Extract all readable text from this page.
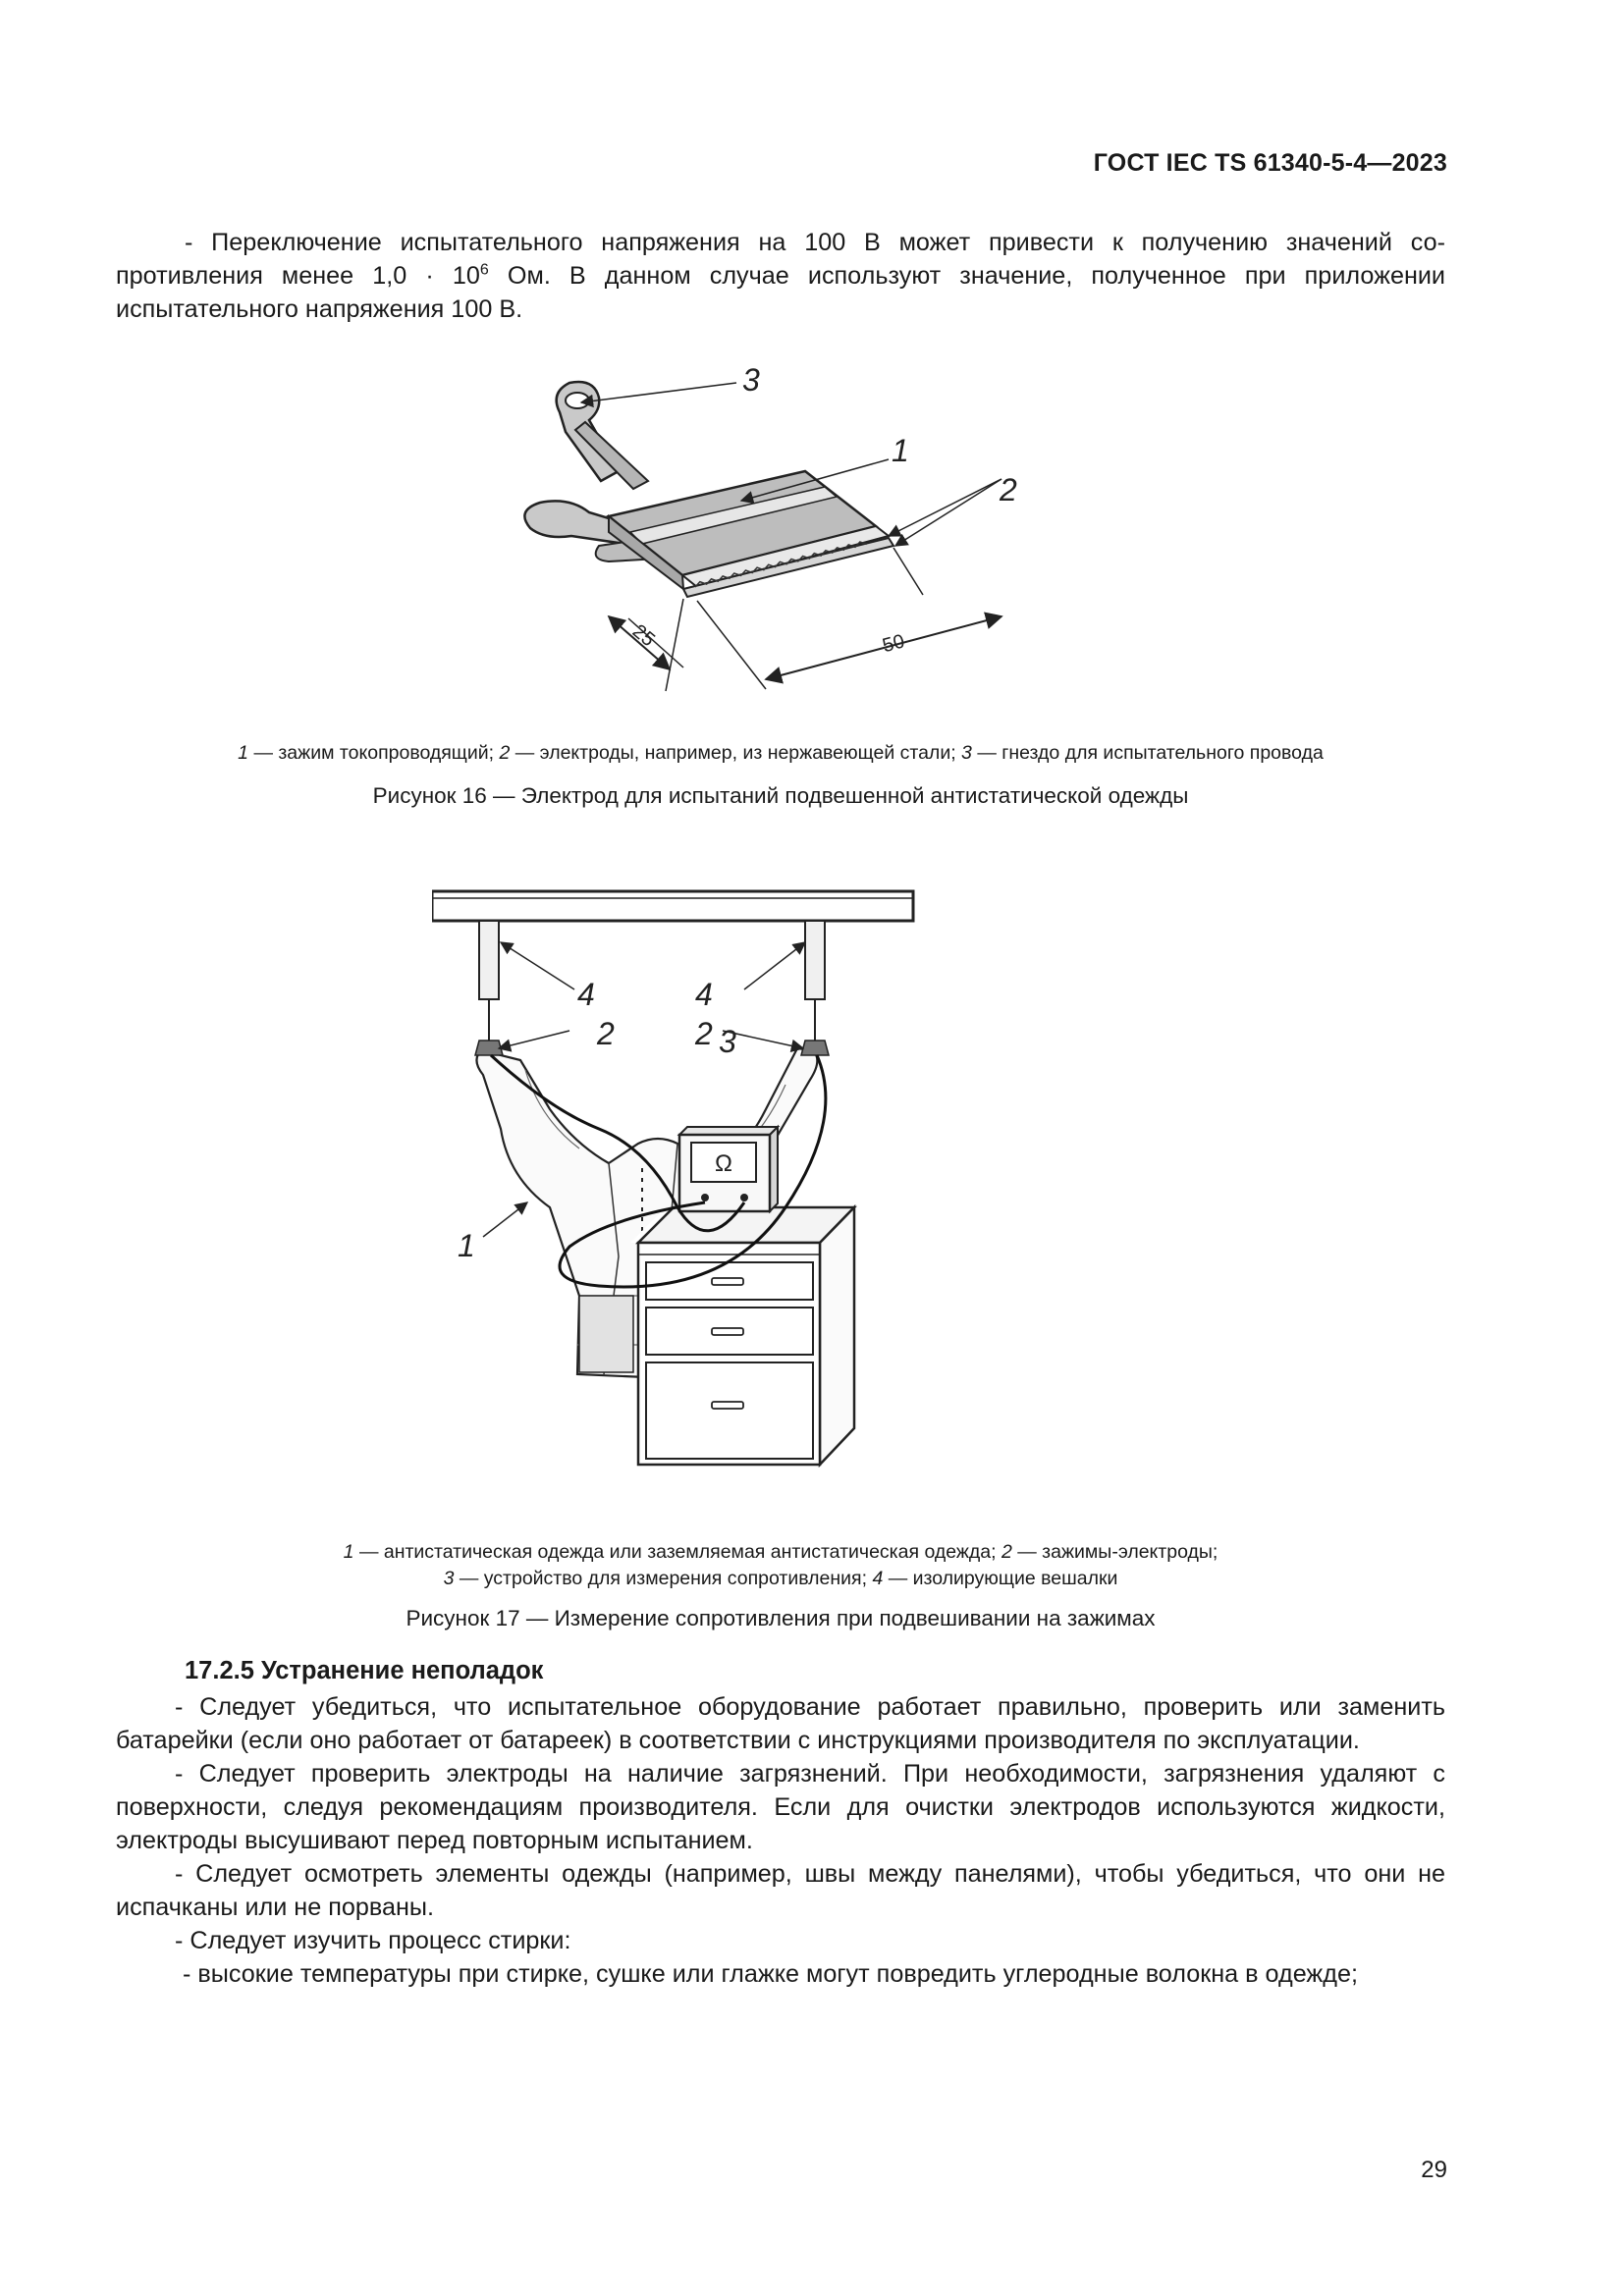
ГОСТ IEC TS 61340-5-4—2023

- Переключение испытательного напряжения на 100 В может привести к получению значений со-
противления менее $1,0 \cdot 10^6$ Ом. В данном случае используют значение, полученное при приложении
испытательного напряжения 100 В.

25	50
1
2
3
1 — зажим токопроводящий; 2 — электроды, например, из нержавеющей стали; 3 — гнездо для испытательного провода
Рисунок 16 — Электрод для испытаний подвешенной антистатической одежды
Ω
4	4
2	2
1
3
1 — антистатическая одежда или заземляемая антистатическая одежда; 2 — зажимы-электроды;
3 — устройство для измерения сопротивления; 4 — изолирующие вешалки
Рисунок 17 — Измерение сопротивления при подвешивании на зажимах
17.2.5 Устранение неполадок

- Следует убедиться, что испытательное оборудование работает правильно, проверить или заменить батарейки (если оно работает от батареек) в соответствии с инструкциями производителя по эксплуатации.

- Следует проверить электроды на наличие загрязнений. При необходимости, загрязнения удаляют с поверхности, следуя рекомендациям производителя. Если для очистки электродов используются жидкости, электроды высушивают перед повторным испытанием.

- Следует осмотреть элементы одежды (например, швы между панелями), чтобы убедиться, что они не испачканы или не порваны.

- Следует изучить процесс стирки:

- высокие температуры при стирке, сушке или глажке могут повредить углеродные волокна в одежде;

29
